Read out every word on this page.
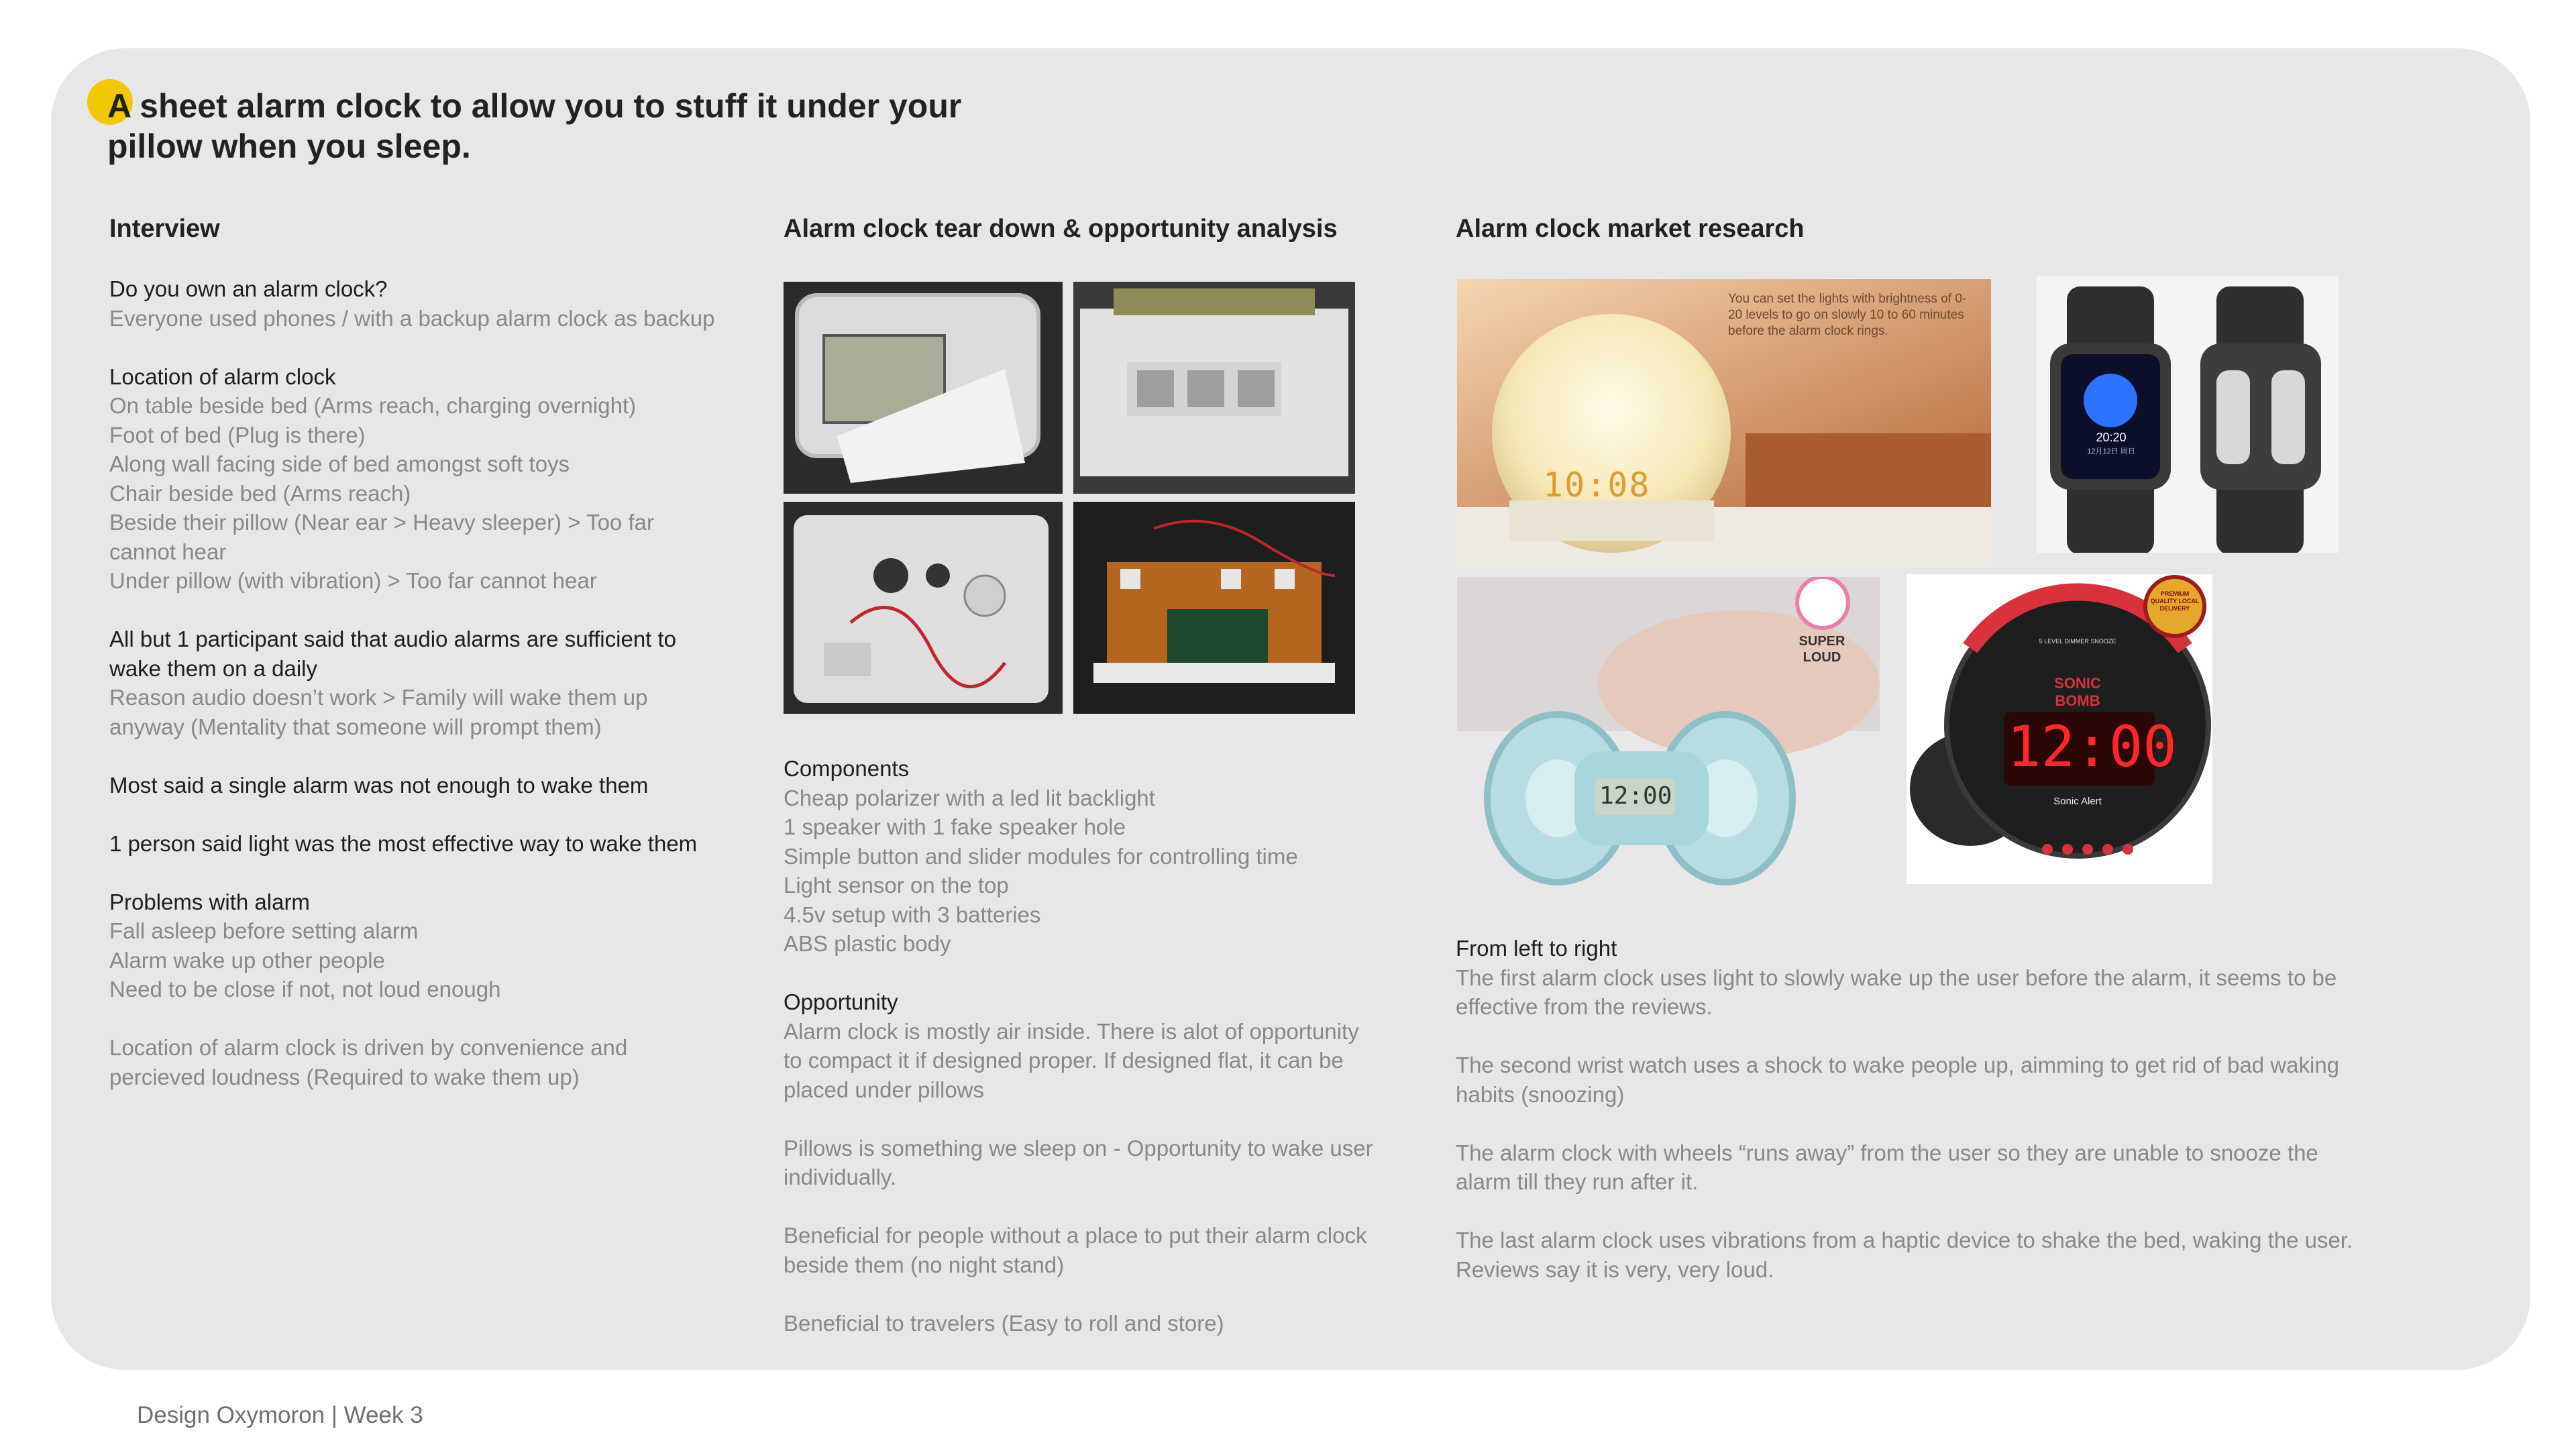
A sheet alarm clock to allow you to stuff it under your pillow when you sleep.
Interview
Do you own an alarm clock?
Everyone used phones / with a backup alarm clock as backup
Location of alarm clock
On table beside bed (Arms reach, charging overnight)
Foot of bed (Plug is there)
Along wall facing side of bed amongst soft toys
Chair beside bed (Arms reach)
Beside their pillow (Near ear > Heavy sleeper) > Too far cannot hear
Under pillow (with vibration) > Too far cannot hear
All but 1 participant said that audio alarms are sufficient to wake them on a daily
Reason audio doesn’t work > Family will wake them up anyway (Mentality that someone will prompt them)
Most said a single alarm was not enough to wake them
1 person said light was the most effective way to wake them
Problems with alarm
Fall asleep before setting alarm
Alarm wake up other people
Need to be close if not, not loud enough
Location of alarm clock is driven by convenience and percieved loudness (Required to wake them up)
Alarm clock tear down & opportunity analysis
Components
Cheap polarizer with a led lit backlight
1 speaker with 1 fake speaker hole
Simple button and slider modules for controlling time
Light sensor on the top
4.5v setup with 3 batteries
ABS plastic body
Opportunity
Alarm clock is mostly air inside. There is alot of opportunity to compact it if designed proper. If designed flat, it can be placed under pillows
Pillows is something we sleep on - Opportunity to wake user individually.
Beneficial for people without a place to put their alarm clock beside them (no night stand)
Beneficial to travelers (Easy to roll and store)
Alarm clock market research
You can set the lights with brightness of 0-20 levels to go on slowly 10 to 60 minutes before the alarm clock rings.
10:08
20:20
12月12日 周日
SUPER LOUD
12:00
SONIC BOMB
5 LEVEL DIMMER SNOOZE
12:00
Sonic Alert
PREMIUM QUALITY LOCAL DELIVERY
From left to right
The first alarm clock uses light to slowly wake up the user before the alarm, it seems to be effective from the reviews.
The second wrist watch uses a shock to wake people up, aimming to get rid of bad waking habits (snoozing)
The alarm clock with wheels “runs away” from the user so they are unable to snooze the alarm till they run after it.
The last alarm clock uses vibrations from a haptic device to shake the bed, waking the user. Reviews say it is very, very loud.
Design Oxymoron | Week 3
